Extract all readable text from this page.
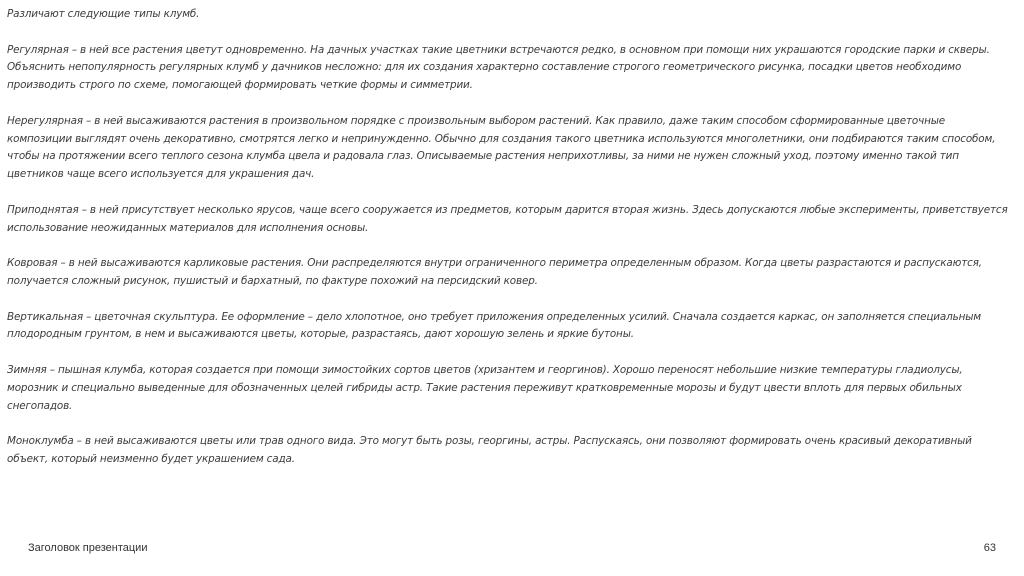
Различают следующие типы клумб.

Регулярная – в ней все растения цветут одновременно. На дачных участках такие цветники встречаются редко, в основном при помощи них украшаются городские парки и скверы. Объяснить непопулярность регулярных клумб у дачников несложно: для их создания характерно составление строгого геометрического рисунка, посадки цветов необходимо производить строго по схеме, помогающей формировать четкие формы и симметрии.

Нерегулярная – в ней высаживаются растения в произвольном порядке с произвольным выбором растений. Как правило, даже таким способом сформированные цветочные композиции выглядят очень декоративно, смотрятся легко и непринужденно. Обычно для создания такого цветника используются многолетники, они подбираются таким способом, чтобы на протяжении всего теплого сезона клумба цвела и радовала глаз. Описываемые растения неприхотливы, за ними не нужен сложный уход, поэтому именно такой тип цветников чаще всего используется для украшения дач.

Приподнятая – в ней присутствует несколько ярусов, чаще всего сооружается из предметов, которым дарится вторая жизнь. Здесь допускаются любые эксперименты, приветствуется использование неожиданных материалов для исполнения основы.

Ковровая – в ней высаживаются карликовые растения. Они распределяются внутри ограниченного периметра определенным образом. Когда цветы разрастаются и распускаются, получается сложный рисунок, пушистый и бархатный, по фактуре похожий на персидский ковер.

Вертикальная – цветочная скульптура. Ее оформление – дело хлопотное, оно требует приложения определенных усилий. Сначала создается каркас, он заполняется специальным плодородным грунтом, в нем и высаживаются цветы, которые, разрастаясь, дают хорошую зелень и яркие бутоны.

Зимняя – пышная клумба, которая создается при помощи зимостойких сортов цветов (хризантем и георгинов). Хорошо переносят небольшие низкие температуры гладиолусы, морозник и специально выведенные для обозначенных целей гибриды астр. Такие растения переживут кратковременные морозы и будут цвести вплоть для первых обильных снегопадов.

Моноклумба – в ней высаживаются цветы или трав одного вида. Это могут быть розы, георгины, астры. Распускаясь, они позволяют формировать очень красивый декоративный объект, который неизменно будет украшением сада.

Заголовок презентации	63
